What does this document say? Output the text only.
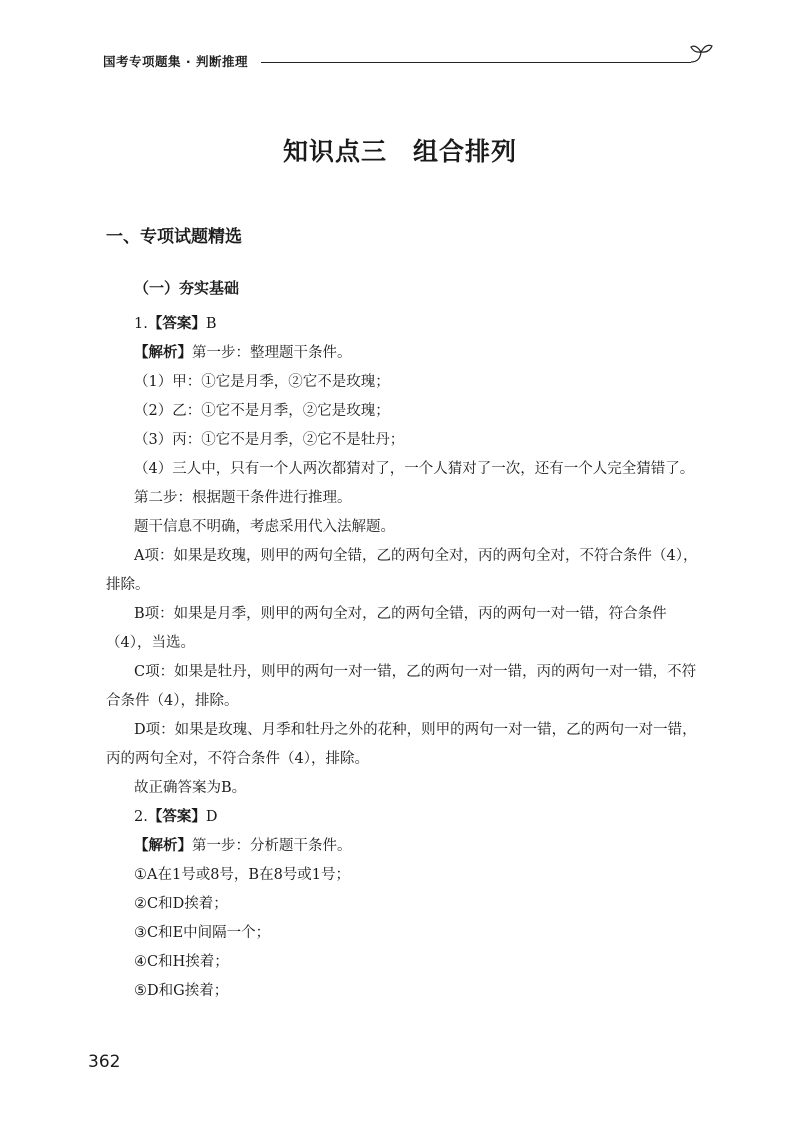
国考专项题集 · 判断推理
知识点三　组合排列
一、专项试题精选
（一）夯实基础

1.【答案】B

【解析】第一步：整理题干条件。

（1）甲：①它是月季，②它不是玫瑰；

（2）乙：①它不是月季，②它是玫瑰；

（3）丙：①它不是月季，②它不是牡丹；

（4）三人中，只有一个人两次都猜对了，一个人猜对了一次，还有一个人完全猜错了。

第二步：根据题干条件进行推理。

题干信息不明确，考虑采用代入法解题。

A项：如果是玫瑰，则甲的两句全错，乙的两句全对，丙的两句全对，不符合条件（4），排除。

B项：如果是月季，则甲的两句全对，乙的两句全错，丙的两句一对一错，符合条件（4），当选。

C项：如果是牡丹，则甲的两句一对一错，乙的两句一对一错，丙的两句一对一错，不符合条件（4），排除。

D项：如果是玫瑰、月季和牡丹之外的花种，则甲的两句一对一错，乙的两句一对一错，丙的两句全对，不符合条件（4），排除。

故正确答案为B。

2.【答案】D

【解析】第一步：分析题干条件。

①A在1号或8号，B在8号或1号；

②C和D挨着；

③C和E中间隔一个；

④C和H挨着；

⑤D和G挨着；

362
